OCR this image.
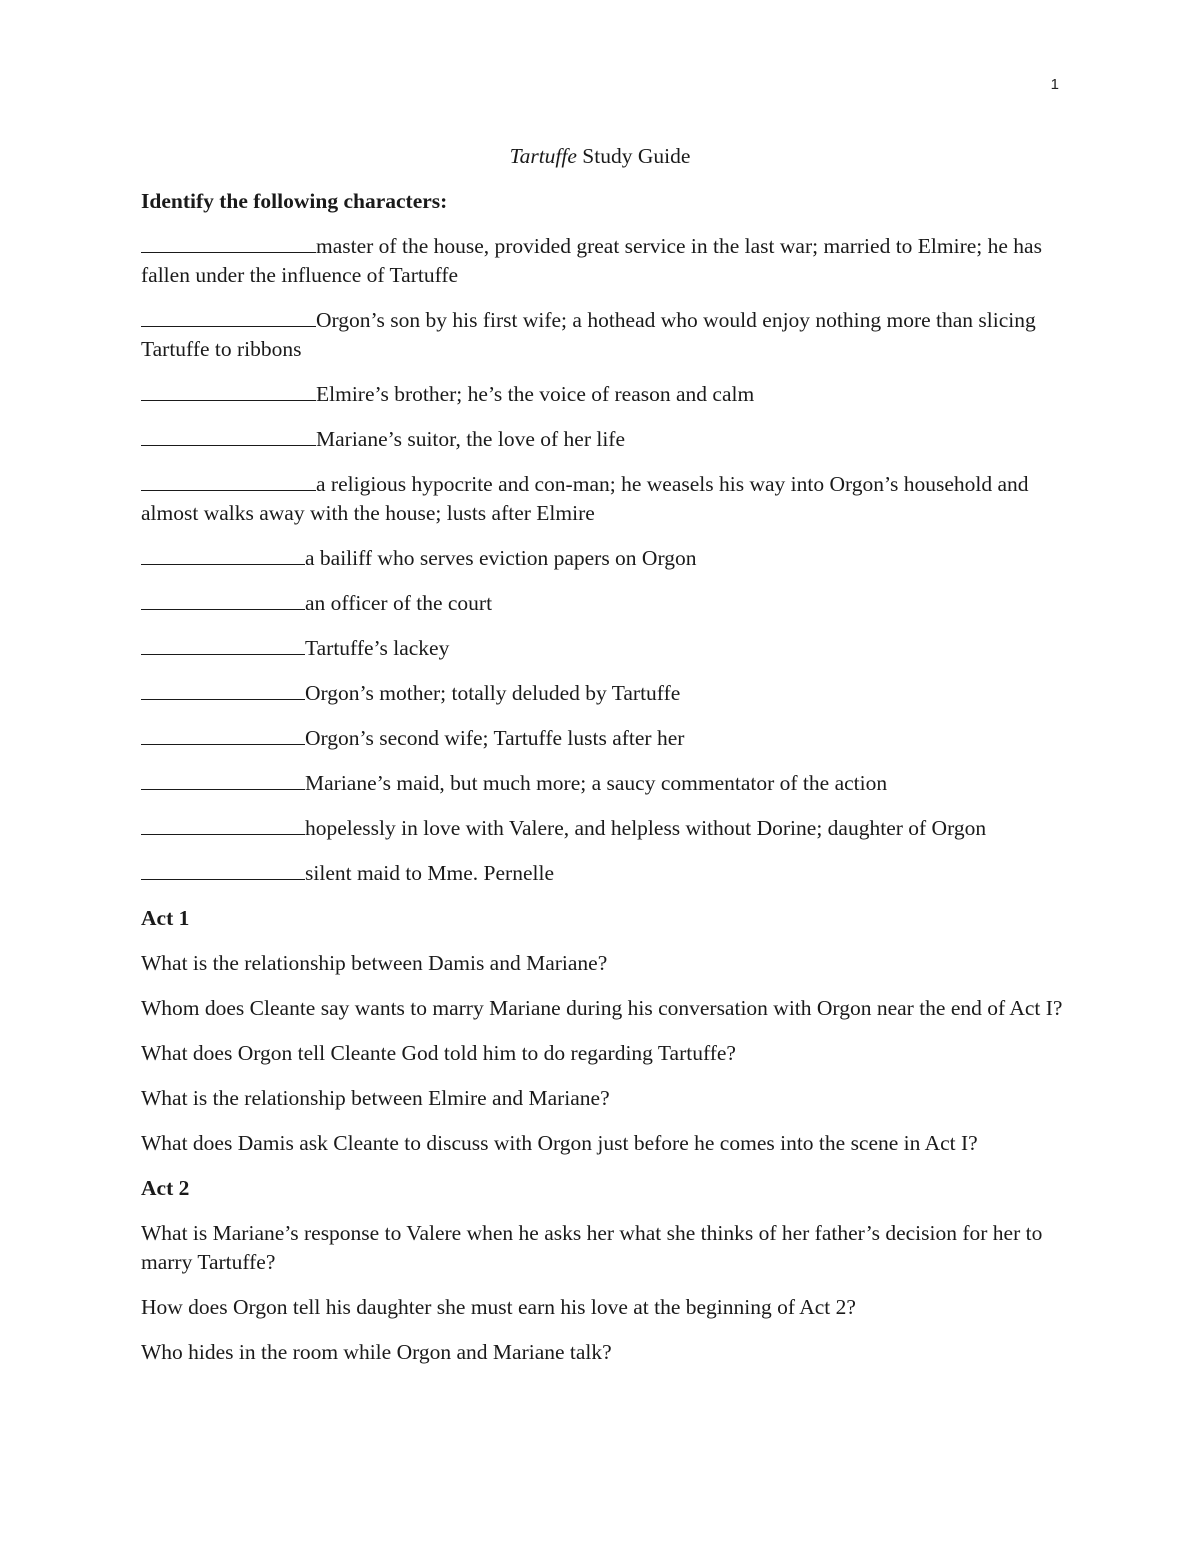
1
Tartuffe Study Guide
Identify the following characters:
master of the house, provided great service in the last war; married to Elmire; he has fallen under the influence of Tartuffe
Orgon’s son by his first wife; a hothead who would enjoy nothing more than slicing Tartuffe to ribbons
Elmire’s brother; he’s the voice of reason and calm
Mariane’s suitor, the love of her life
a religious hypocrite and con-man; he weasels his way into Orgon’s household and almost walks away with the house; lusts after Elmire
a bailiff who serves eviction papers on Orgon
an officer of the court
Tartuffe’s lackey
Orgon’s mother; totally deluded by Tartuffe
Orgon’s second wife; Tartuffe lusts after her
Mariane’s maid, but much more; a saucy commentator of the action
hopelessly in love with Valere, and helpless without Dorine; daughter of Orgon
silent maid to Mme. Pernelle
Act 1
What is the relationship between Damis and Mariane?
Whom does Cleante say wants to marry Mariane during his conversation with Orgon near the end of Act I?
What does Orgon tell Cleante God told him to do regarding Tartuffe?
What is the relationship between Elmire and Mariane?
What does Damis ask Cleante to discuss with Orgon just before he comes into the scene in Act I?
Act 2
What is Mariane’s response to Valere when he asks her what she thinks of her father’s decision for her to marry Tartuffe?
How does Orgon tell his daughter she must earn his love at the beginning of Act 2?
Who hides in the room while Orgon and Mariane talk?
